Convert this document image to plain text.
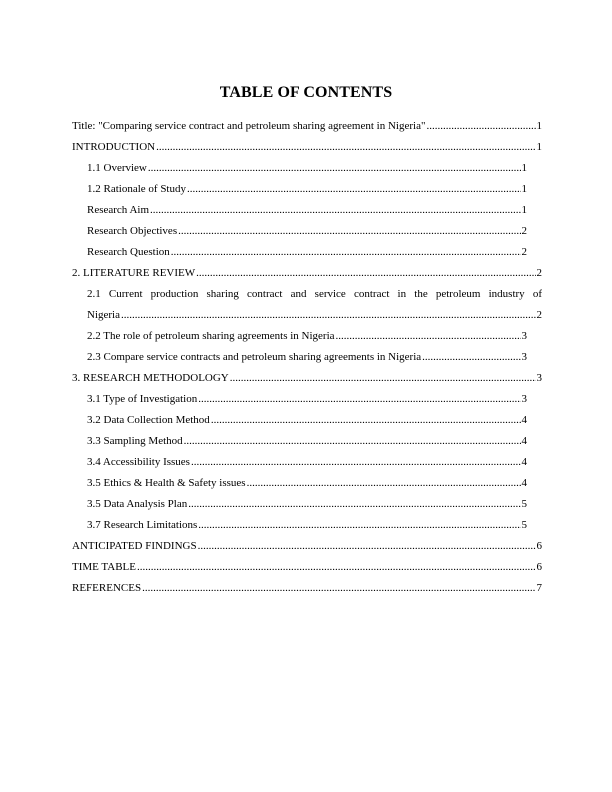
TABLE OF CONTENTS
Title: "Comparing service contract and petroleum sharing agreement in Nigeria" .....	1
INTRODUCTION .....	1
1.1 Overview .....	1
1.2 Rationale of Study .....	1
Research Aim .....	1
Research Objectives .....	2
Research Question .....	2
2. LITERATURE REVIEW .....	2
2.1 Current production sharing contract and service contract in the petroleum industry of
Nigeria .....	2
2.2 The role of petroleum sharing agreements in Nigeria .....	3
2.3 Compare service contracts and petroleum sharing agreements in Nigeria .....	3
3. RESEARCH METHODOLOGY .....	3
3.1 Type of Investigation .....	3
3.2 Data Collection Method .....	4
3.3 Sampling Method .....	4
3.4 Accessibility Issues .....	4
3.5 Ethics & Health & Safety issues .....	4
3.5 Data Analysis Plan .....	5
3.7 Research Limitations .....	5
ANTICIPATED FINDINGS .....	6
TIME TABLE .....	6
REFERENCES .....	7
